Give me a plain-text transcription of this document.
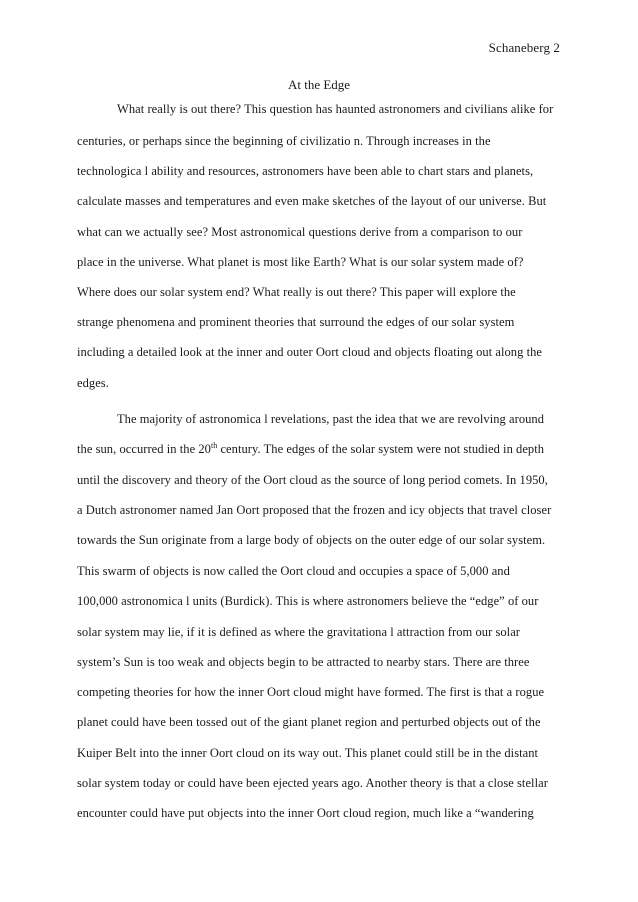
Schaneberg 2
At the Edge
What really is out there? This question has haunted astronomers and civilians alike for
centuries, or perhaps since the beginning of civilizatio n. Through increases in the
technologica l ability and resources, astronomers have been able to chart stars and planets,
calculate masses and temperatures and even make sketches of the layout of our universe. But
what can we actually see? Most astronomical questions derive from a comparison to our
place in the universe. What planet is most like Earth? What is our solar system made of?
Where does our solar system end? What really is out there? This paper will explore the
strange phenomena and prominent theories that surround the edges of our solar system
including a detailed look at the inner and outer Oort cloud and objects floating out along the
edges.
The majority of astronomica l revelations, past the idea that we are revolving around
the sun, occurred in the 20th century. The edges of the solar system were not studied in depth
until the discovery and theory of the Oort cloud as the source of long period comets. In 1950,
a Dutch astronomer named Jan Oort proposed that the frozen and icy objects that travel closer
towards the Sun originate from a large body of objects on the outer edge of our solar system.
This swarm of objects is now called the Oort cloud and occupies a space of 5,000 and
100,000 astronomica l units (Burdick). This is where astronomers believe the “edge” of our
solar system may lie, if it is defined as where the gravitationa l attraction from our solar
system’s Sun is too weak and objects begin to be attracted to nearby stars. There are three
competing theories for how the inner Oort cloud might have formed. The first is that a rogue
planet could have been tossed out of the giant planet region and perturbed objects out of the
Kuiper Belt into the inner Oort cloud on its way out. This planet could still be in the distant
solar system today or could have been ejected years ago. Another theory is that a close stellar
encounter could have put objects into the inner Oort cloud region, much like a “wandering
